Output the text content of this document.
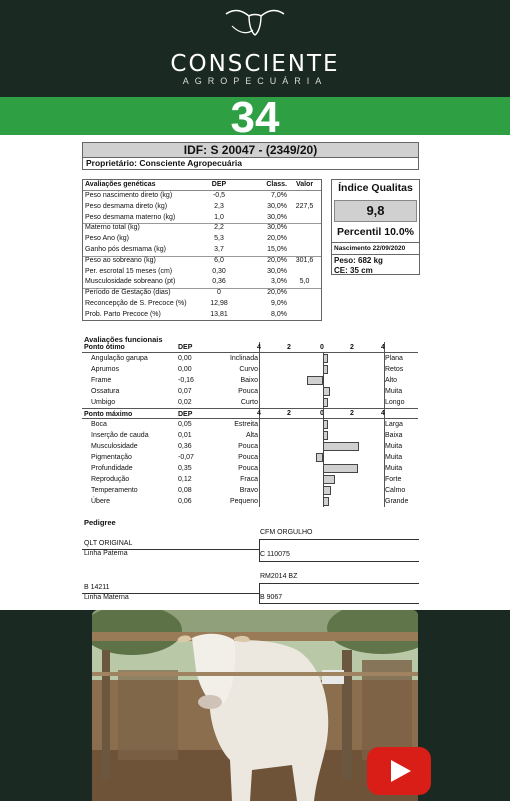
CONSCIENTE
AGROPECUÁRIA
34
IDF: S 20047 - (2349/20)
Proprietário: Consciente Agropecuária
Avaliações genéticas	DEP	Class.	Valor
Peso nascimento direto (kg)	-0,5	7,0%
Peso desmama direto (kg)	2,3	30,0%	227,5
Peso desmama materno (kg)	1,0	30,0%
Materno total (kg)	2,2	30,0%
Peso Ano (kg)	5,3	20,0%
Ganho pós desmama (kg)	3,7	15,0%
Peso ao sobreano (kg)	6,0	20,0%	301,6
Per. escrotal 15 meses (cm)	0,30	30,0%
Musculosidade sobreano (pt)	0,36	3,0%	5,0
Período de Gestação (dias)	0	20,0%
Reconcepção de S. Precoce (%)	12,98	9,0%
Prob. Parto Precoce (%)	13,81	8,0%
Índice Qualitas
9,8
Percentil 10.0%
Nascimento 22/09/2020
Peso: 682 kg
CE: 35 cm
Avaliações funcionais
Ponto ótimo	DEP
Angulação garupa	0,00	Inclinada	Plana
Aprumos	0,00	Curvo	Retos
Frame	-0,16	Baixo	Alto
Ossatura	0,07	Pouca	Muita
Umbigo	0,02	Curto	Longo
Ponto máximo	DEP
Boca	0,05	Estreita	Larga
Inserção de cauda	0,01	Alta	Baixa
Musculosidade	0,36	Pouca	Muita
Pigmentação	-0,07	Pouca	Muita
Profundidade	0,35	Pouca	Muita
Reprodução	0,12	Fraca	Forte
Temperamento	0,08	Bravo	Calmo
Úbere	0,06	Pequeno	Grande
4	2	0	2	4
4	2	0	2	4
Pedigree
CFM ORGULHO
QLT ORIGINAL
Linha Paterna	C 110075
RM2014 BZ
B 14211
Linha Materna	B 9067
